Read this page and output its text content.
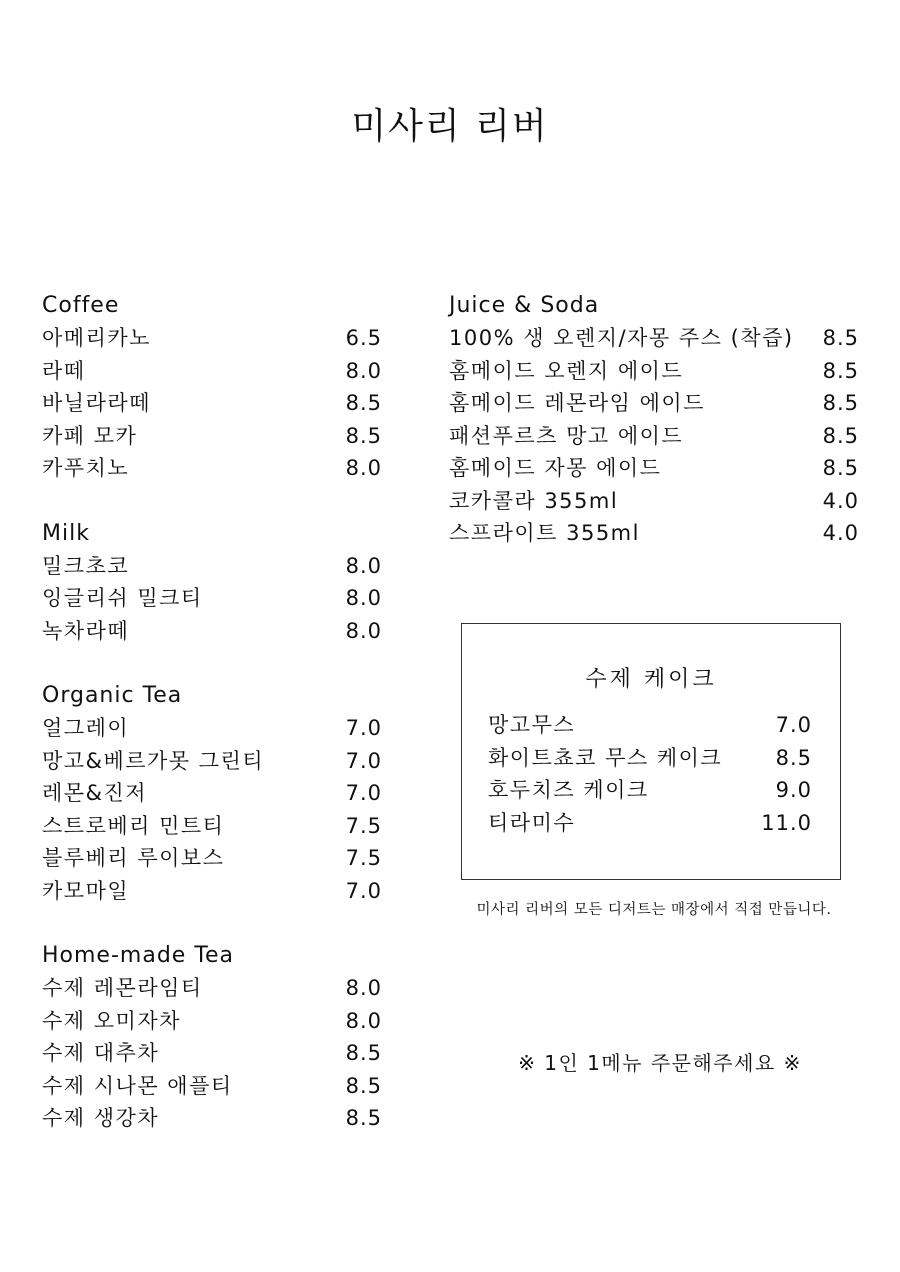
미사리 리버
Coffee
아메리카노	6.5
라떼	8.0
바닐라라떼	8.5
카페 모카	8.5
카푸치노	8.0
Milk
밀크초코	8.0
잉글리쉬 밀크티	8.0
녹차라떼	8.0
Organic Tea
얼그레이	7.0
망고&베르가못 그린티	7.0
레몬&진저	7.0
스트로베리 민트티	7.5
블루베리 루이보스	7.5
카모마일	7.0
Home-made Tea
수제 레몬라임티	8.0
수제 오미자차	8.0
수제 대추차	8.5
수제 시나몬 애플티	8.5
수제 생강차	8.5
Juice & Soda
100% 생 오렌지/자몽 주스 (착즙) 8.5
홈메이드 오렌지 에이드	8.5
홈메이드 레몬라임 에이드	8.5
패션푸르츠 망고 에이드	8.5
홈메이드 자몽 에이드	8.5
코카콜라 355ml	4.0
스프라이트 355ml	4.0
수제 케이크
망고무스	7.0
화이트쵸코 무스 케이크	8.5
호두치즈 케이크	9.0
티라미수	11.0
미사리 리버의 모든 디저트는 매장에서 직접 만듭니다.
※ 1인 1메뉴 주문해주세요 ※
